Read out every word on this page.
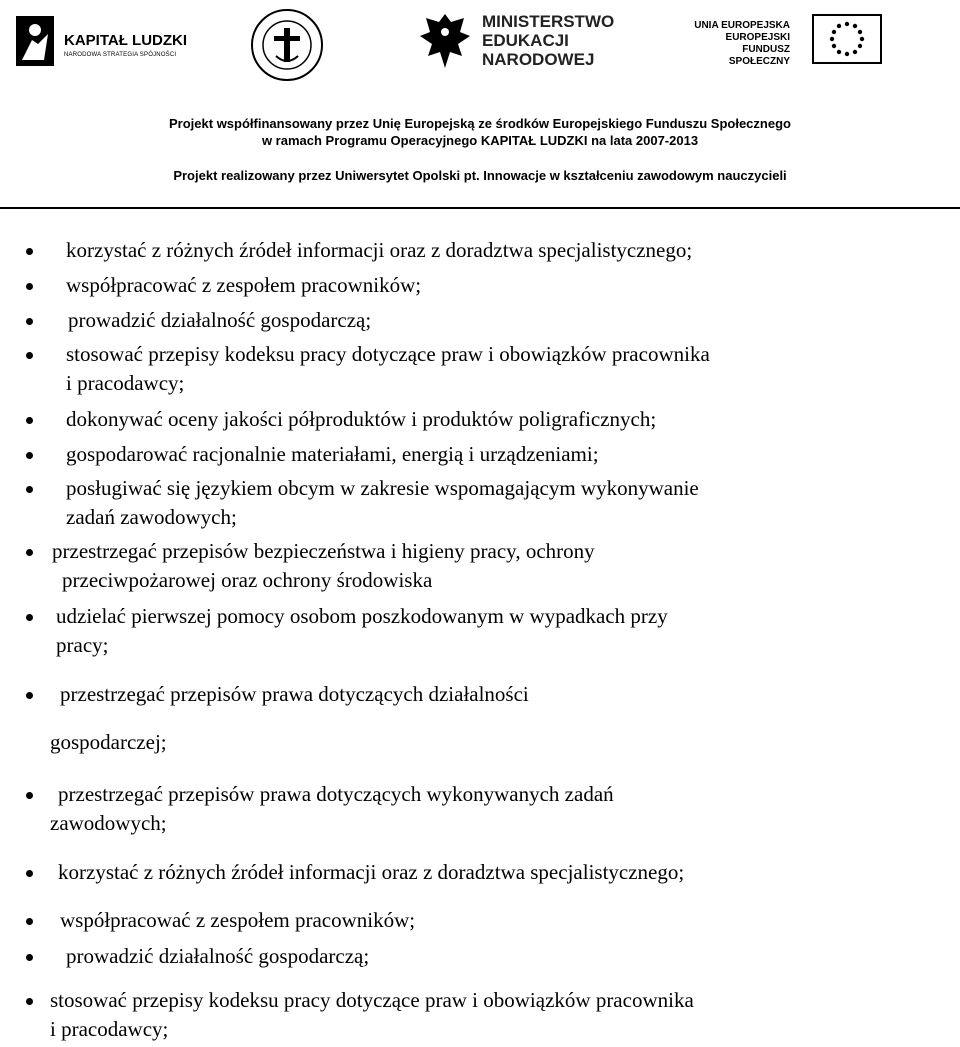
KAPITAŁ LUDZKI
NARODOWA STRATEGIA SPÓJNOŚCI
MINISTERSTWO
EDUKACJI
NARODOWEJ
UNIA EUROPEJSKA
EUROPEJSKI
FUNDUSZ SPOŁECZNY
Projekt współfinansowany przez Unię Europejską ze środków Europejskiego Funduszu Społecznego
w ramach Programu Operacyjnego KAPITAŁ LUDZKI na lata 2007-2013
Projekt realizowany przez Uniwersytet Opolski pt. Innowacje w kształceniu zawodowym nauczycieli
korzystać z różnych źródeł informacji oraz z doradztwa specjalistycznego;
współpracować z zespołem pracowników;
prowadzić działalność gospodarczą;
stosować przepisy kodeksu pracy dotyczące praw i obowiązków pracownika
i pracodawcy;
dokonywać oceny jakości półproduktów i produktów poligraficznych;
gospodarować racjonalnie materiałami, energią i urządzeniami;
posługiwać się językiem obcym w zakresie wspomagającym wykonywanie
zadań zawodowych;
przestrzegać przepisów bezpieczeństwa i higieny pracy, ochrony
przeciwpożarowej oraz ochrony środowiska
udzielać pierwszej pomocy osobom poszkodowanym w wypadkach przy
pracy;
przestrzegać przepisów prawa dotyczących działalności
gospodarczej;
przestrzegać przepisów prawa dotyczących wykonywanych zadań
zawodowych;
korzystać z różnych źródeł informacji oraz z doradztwa specjalistycznego;
współpracować z zespołem pracowników;
prowadzić działalność gospodarczą;
stosować przepisy kodeksu pracy dotyczące praw i obowiązków pracownika
i pracodawcy;
